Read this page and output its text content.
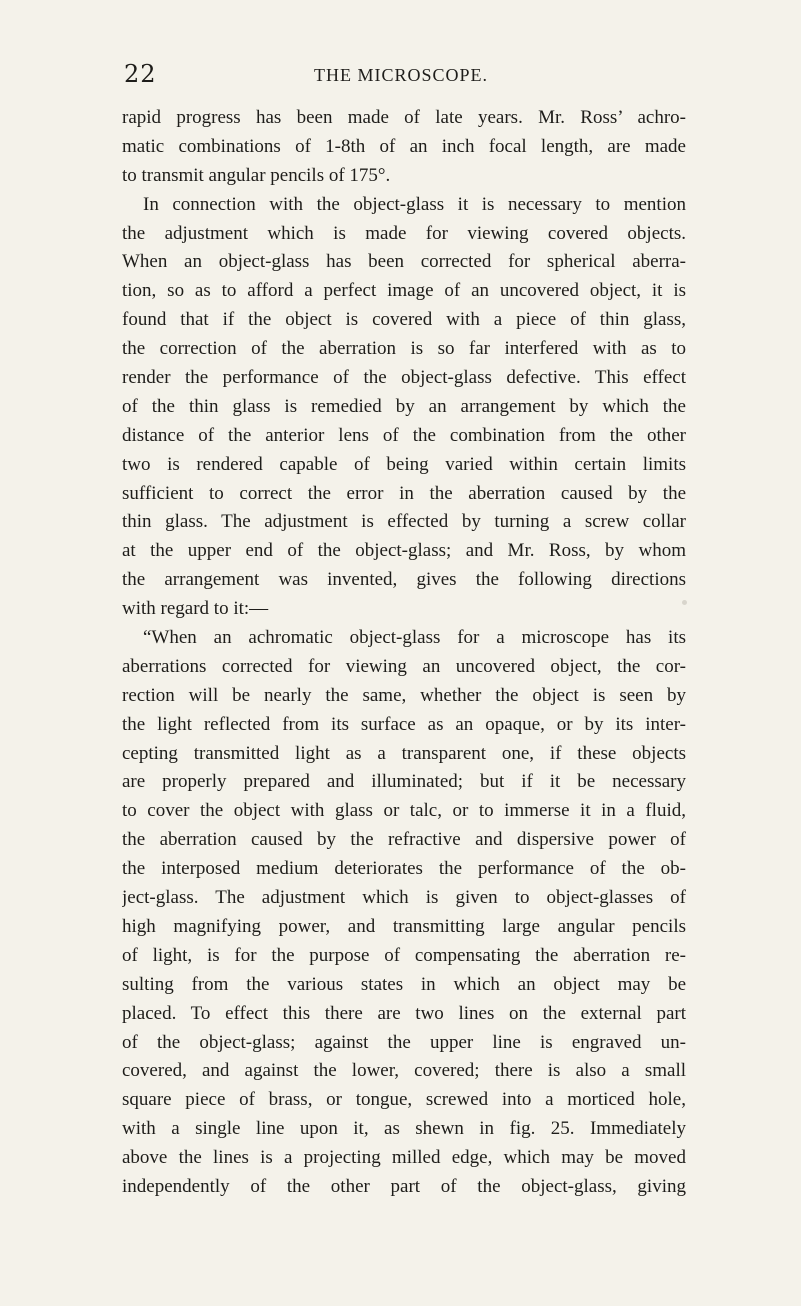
22	THE MICROSCOPE.
rapid progress has been made of late years. Mr. Ross’ achro-
matic combinations of 1-8th of an inch focal length, are made
to transmit angular pencils of 175°.
In connection with the object-glass it is necessary to mention
the adjustment which is made for viewing covered objects.
When an object-glass has been corrected for spherical aberra-
tion, so as to afford a perfect image of an uncovered object, it is
found that if the object is covered with a piece of thin glass,
the correction of the aberration is so far interfered with as to
render the performance of the object-glass defective. This effect
of the thin glass is remedied by an arrangement by which the
distance of the anterior lens of the combination from the other
two is rendered capable of being varied within certain limits
sufficient to correct the error in the aberration caused by the
thin glass. The adjustment is effected by turning a screw collar
at the upper end of the object-glass; and Mr. Ross, by whom
the arrangement was invented, gives the following directions
with regard to it:—
“When an achromatic object-glass for a microscope has its
aberrations corrected for viewing an uncovered object, the cor-
rection will be nearly the same, whether the object is seen by
the light reflected from its surface as an opaque, or by its inter-
cepting transmitted light as a transparent one, if these objects
are properly prepared and illuminated; but if it be necessary
to cover the object with glass or talc, or to immerse it in a fluid,
the aberration caused by the refractive and dispersive power of
the interposed medium deteriorates the performance of the ob-
ject-glass. The adjustment which is given to object-glasses of
high magnifying power, and transmitting large angular pencils
of light, is for the purpose of compensating the aberration re-
sulting from the various states in which an object may be
placed. To effect this there are two lines on the external part
of the object-glass; against the upper line is engraved un-
covered, and against the lower, covered; there is also a small
square piece of brass, or tongue, screwed into a morticed hole,
with a single line upon it, as shewn in fig. 25. Immediately
above the lines is a projecting milled edge, which may be moved
independently of the other part of the object-glass, giving
